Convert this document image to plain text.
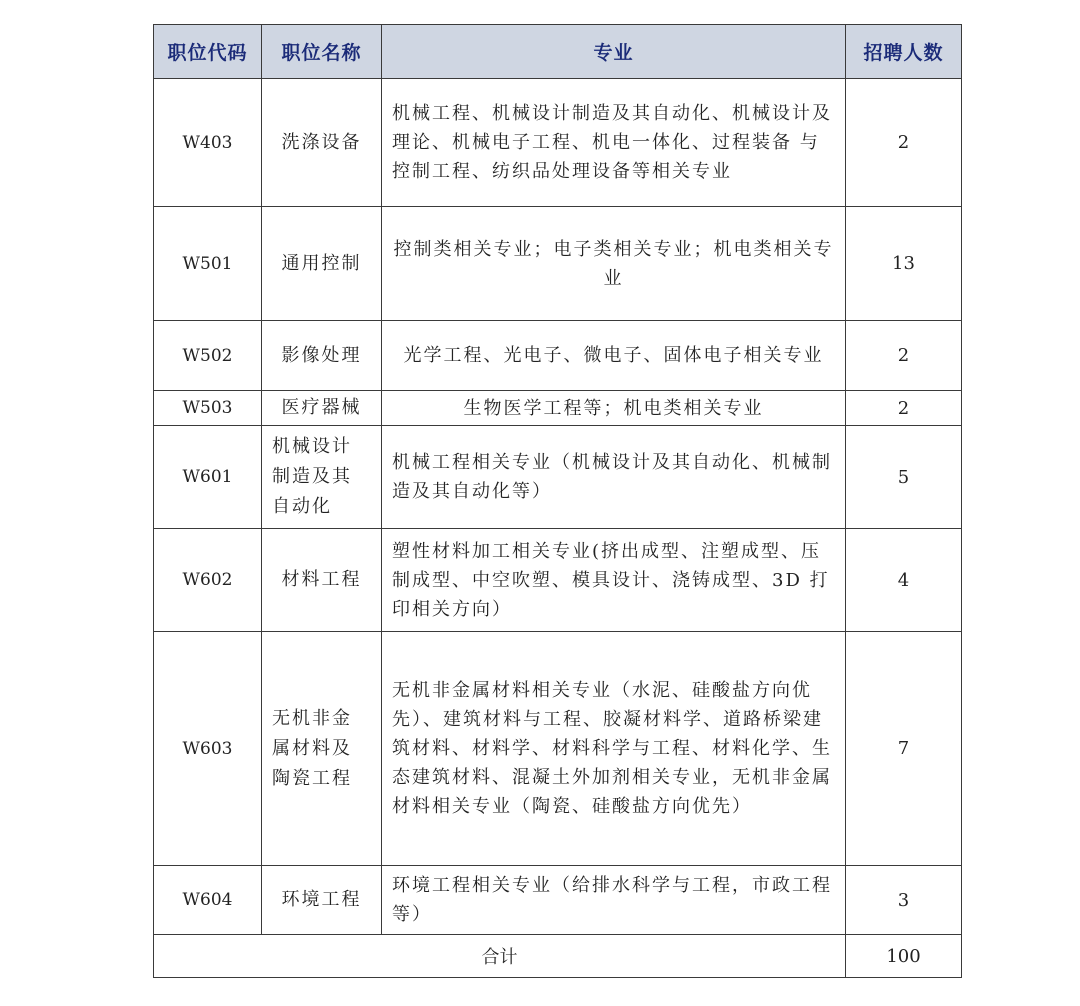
职位代码	职位名称	专业	招聘人数
W403	洗涤设备	机械工程、机械设计制造及其自动化、机械设计及理论、机械电子工程、机电一体化、过程装备 与控制工程、纺织品处理设备等相关专业	2
W501	通用控制	控制类相关专业；电子类相关专业；机电类相关专业	13
W502	影像处理	光学工程、光电子、微电子、固体电子相关专业	2
W503	医疗器械	生物医学工程等；机电类相关专业	2
W601	机械设计制造及其自动化	机械工程相关专业（机械设计及其自动化、机械制造及其自动化等）	5
W602	材料工程	塑性材料加工相关专业(挤出成型、注塑成型、压制成型、中空吹塑、模具设计、浇铸成型、3D 打印相关方向）	4
W603	无机非金属材料及陶瓷工程	无机非金属材料相关专业（水泥、硅酸盐方向优先）、建筑材料与工程、胶凝材料学、道路桥梁建筑材料、材料学、材料科学与工程、材料化学、生态建筑材料、混凝土外加剂相关专业，无机非金属材料相关专业（陶瓷、硅酸盐方向优先）	7
W604	环境工程	环境工程相关专业（给排水科学与工程，市政工程等）	3
合计			100
